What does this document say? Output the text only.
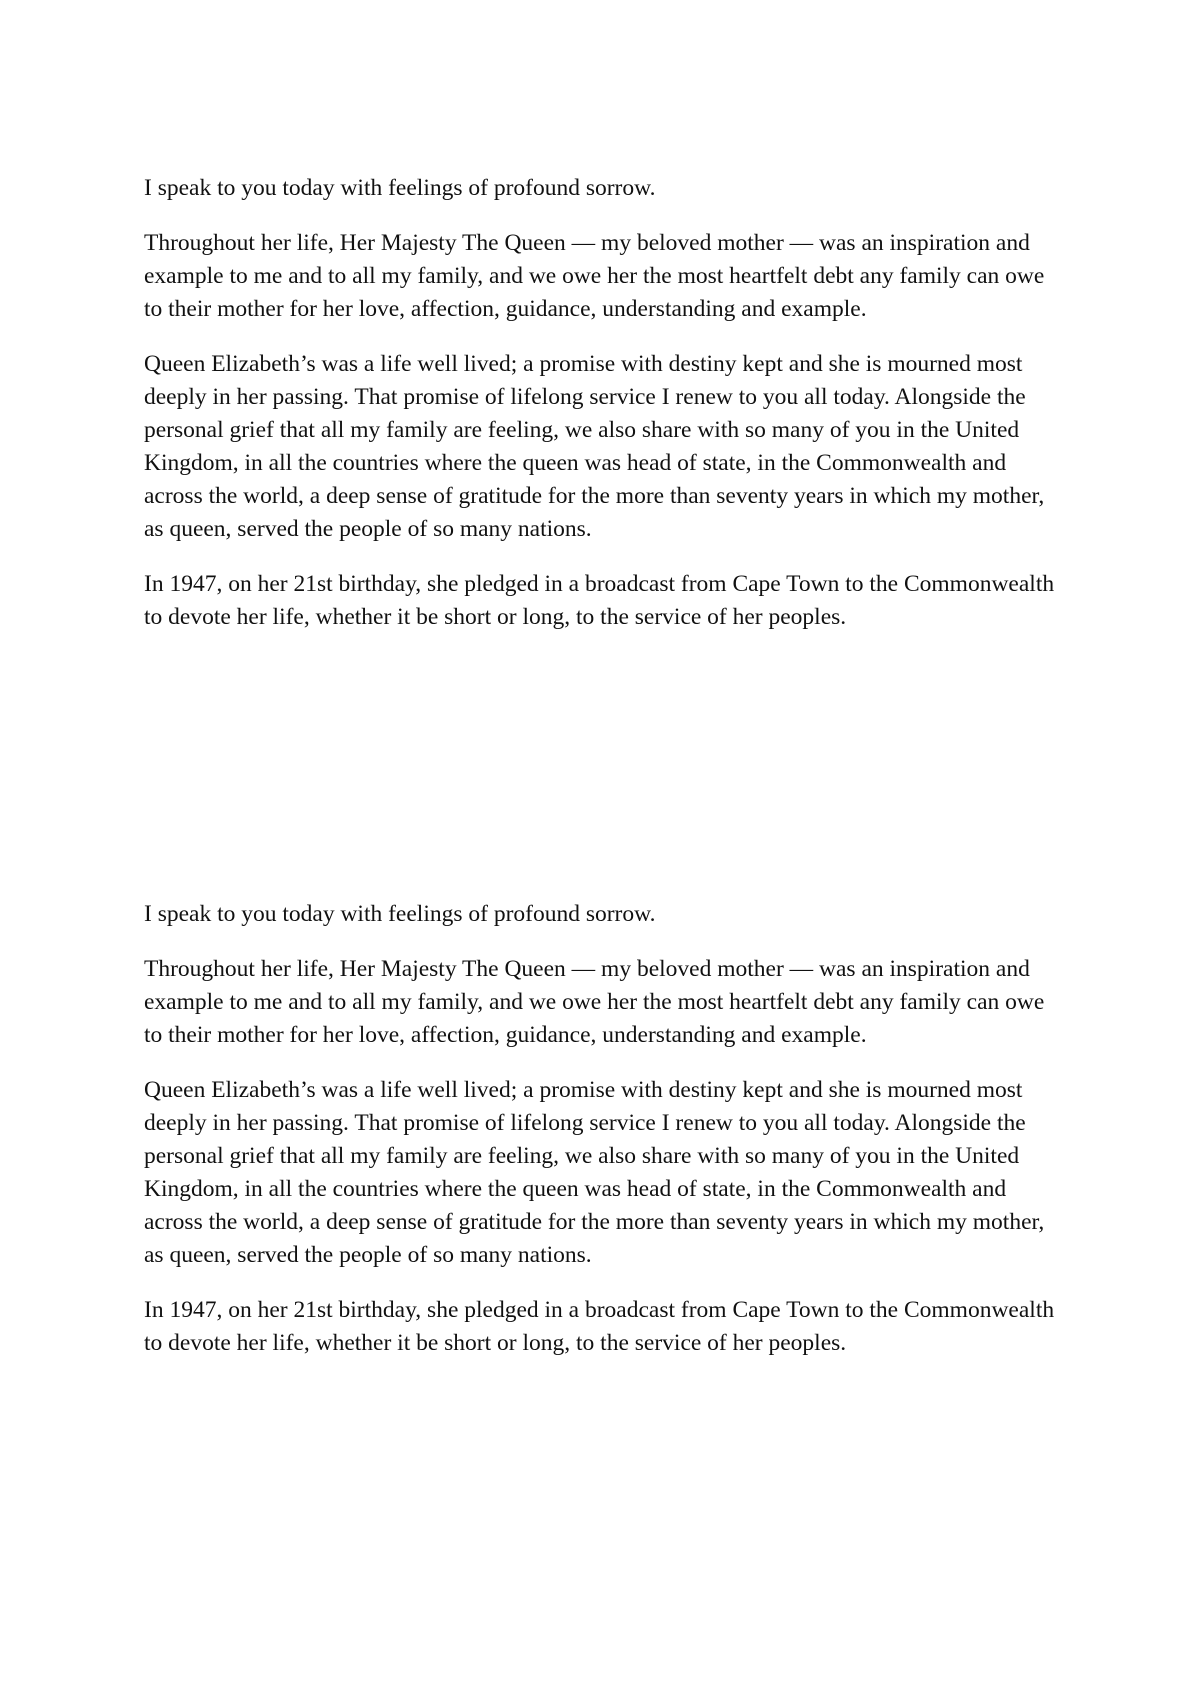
I speak to you today with feelings of profound sorrow.

Throughout her life, Her Majesty The Queen — my beloved mother — was an inspiration and example to me and to all my family, and we owe her the most heartfelt debt any family can owe to their mother for her love, affection, guidance, understanding and example.

Queen Elizabeth’s was a life well lived; a promise with destiny kept and she is mourned most deeply in her passing. That promise of lifelong service I renew to you all today. Alongside the personal grief that all my family are feeling, we also share with so many of you in the United Kingdom, in all the countries where the queen was head of state, in the Commonwealth and across the world, a deep sense of gratitude for the more than seventy years in which my mother, as queen, served the people of so many nations.

In 1947, on her 21st birthday, she pledged in a broadcast from Cape Town to the Commonwealth to devote her life, whether it be short or long, to the service of her peoples.

I speak to you today with feelings of profound sorrow.

Throughout her life, Her Majesty The Queen — my beloved mother — was an inspiration and example to me and to all my family, and we owe her the most heartfelt debt any family can owe to their mother for her love, affection, guidance, understanding and example.

Queen Elizabeth’s was a life well lived; a promise with destiny kept and she is mourned most deeply in her passing. That promise of lifelong service I renew to you all today. Alongside the personal grief that all my family are feeling, we also share with so many of you in the United Kingdom, in all the countries where the queen was head of state, in the Commonwealth and across the world, a deep sense of gratitude for the more than seventy years in which my mother, as queen, served the people of so many nations.

In 1947, on her 21st birthday, she pledged in a broadcast from Cape Town to the Commonwealth to devote her life, whether it be short or long, to the service of her peoples.
